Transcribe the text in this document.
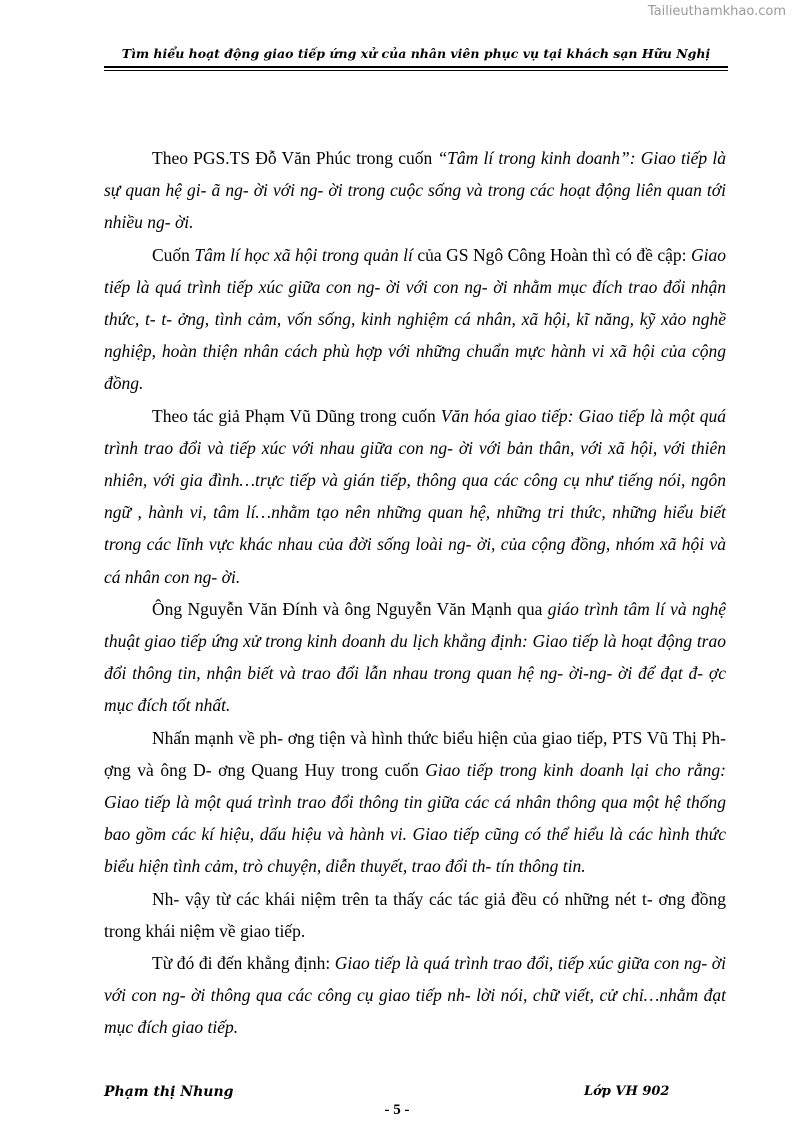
Tailieuthamkhao.com
Tìm hiểu hoạt động giao tiếp ứng xử của nhân viên phục vụ tại khách sạn Hữu Nghị

Theo PGS.TS Đỗ Văn Phúc trong cuốn “Tâm lí trong kinh doanh”: Giao tiếp là sự quan hệ gi- ã ng- ời với ng- ời trong cuộc sống và trong các hoạt động liên quan tới nhiều ng- ời.

Cuốn Tâm lí học xã hội trong quản lí của GS Ngô Công Hoàn thì có đề cập: Giao tiếp là quá trình tiếp xúc giữa con ng- ời với con ng- ời nhằm mục đích trao đổi nhận thức, t- t- ởng, tình cảm, vốn sống, kinh nghiệm cá nhân, xã hội, kĩ năng, kỹ xảo nghề nghiệp, hoàn thiện nhân cách phù hợp với những chuẩn mực hành vi xã hội của cộng đồng.

Theo tác giả Phạm Vũ Dũng trong cuốn Văn hóa giao tiếp: Giao tiếp là một quá trình trao đổi và tiếp xúc với nhau giữa con ng- ời với bản thân, với xã hội, với thiên nhiên, với gia đình…trực tiếp và gián tiếp, thông qua các công cụ như tiếng nói, ngôn ngữ , hành vi, tâm lí…nhằm tạo nên những quan hệ, những tri thức, những hiểu biết trong các lĩnh vực khác nhau của đời sống loài ng- ời, của cộng đồng, nhóm xã hội và cá nhân con ng- ời.

Ông Nguyễn Văn Đính và ông Nguyễn Văn Mạnh qua giáo trình tâm lí và nghệ thuật giao tiếp ứng xử trong kinh doanh du lịch khẳng định: Giao tiếp là hoạt động trao đổi thông tin, nhận biết và trao đổi lẫn nhau trong quan hệ ng- ời-ng- ời để đạt đ- ợc mục đích tốt nhất.

Nhấn mạnh về ph- ơng tiện và hình thức biểu hiện của giao tiếp, PTS Vũ Thị Ph- ợng và ông D- ơng Quang Huy trong cuốn Giao tiếp trong kinh doanh lại cho rằng: Giao tiếp là một quá trình trao đổi thông tin giữa các cá nhân thông qua một hệ thống bao gồm các kí hiệu, dấu hiệu và hành vi. Giao tiếp cũng có thể hiểu là các hình thức biểu hiện tình cảm, trò chuyện, diễn thuyết, trao đổi th- tín thông tin.

Nh- vậy từ các khái niệm trên ta thấy các tác giả đều có những nét t- ơng đồng trong khái niệm về giao tiếp.

Từ đó đi đến khẳng định: Giao tiếp là quá trình trao đổi, tiếp xúc giữa con ng- ời với con ng- ời thông qua các công cụ giao tiếp nh- lời nói, chữ viết, cử chỉ…nhằm đạt mục đích giao tiếp.

Phạm thị Nhung	Lớp VH 902
- 5 -
